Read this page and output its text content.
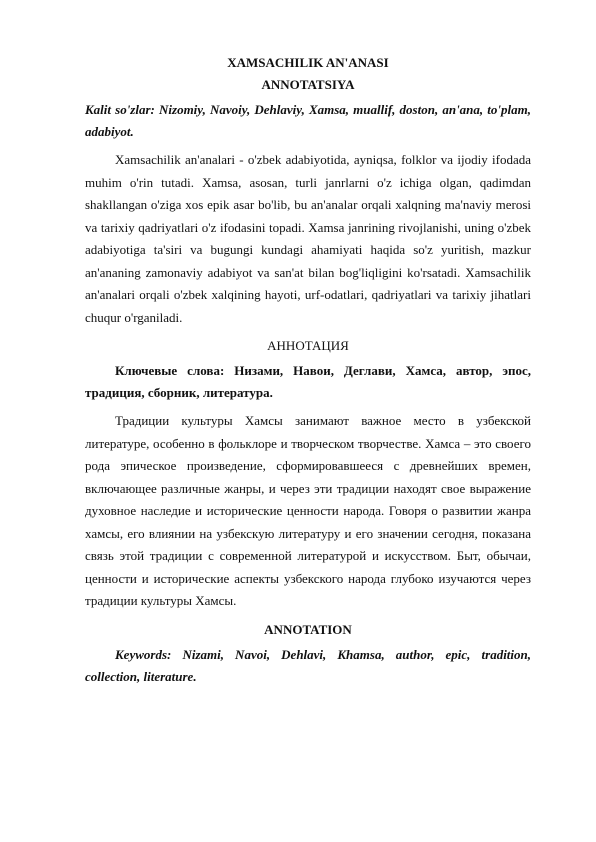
XAMSACHILIK AN'ANASI

ANNOTATSIYA

Kalit so'zlar: Nizomiy, Navoiy, Dehlaviy, Xamsa, muallif, doston, an'ana, to'plam, adabiyot.

Xamsachilik an'analari - o'zbek adabiyotida, ayniqsa, folklor va ijodiy ifodada muhim o'rin tutadi. Xamsa, asosan, turli janrlarni o'z ichiga olgan, qadimdan shakllangan o'ziga xos epik asar bo'lib, bu an'analar orqali xalqning ma'naviy merosi va tarixiy qadriyatlari o'z ifodasini topadi. Xamsa janrining rivojlanishi, uning o'zbek adabiyotiga ta'siri va bugungi kundagi ahamiyati haqida so'z yuritish, mazkur an'ananing zamonaviy adabiyot va san'at bilan bog'liqligini ko'rsatadi. Xamsachilik an'analari orqali o'zbek xalqining hayoti, urf-odatlari, qadriyatlari va tarixiy jihatlari chuqur o'rganiladi.

АННОТАЦИЯ

Ключевые слова: Низами, Навои, Деглави, Хамса, автор, эпос, традиция, сборник, литература.

Традиции культуры Хамсы занимают важное место в узбекской литературе, особенно в фольклоре и творческом творчестве. Хамса – это своего рода эпическое произведение, сформировавшееся с древнейших времен, включающее различные жанры, и через эти традиции находят свое выражение духовное наследие и исторические ценности народа. Говоря о развитии жанра хамсы, его влиянии на узбекскую литературу и его значении сегодня, показана связь этой традиции с современной литературой и искусством. Быт, обычаи, ценности и исторические аспекты узбекского народа глубоко изучаются через традиции культуры Хамсы.

ANNOTATION

Keywords: Nizami, Navoi, Dehlavi, Khamsa, author, epic, tradition, collection, literature.
